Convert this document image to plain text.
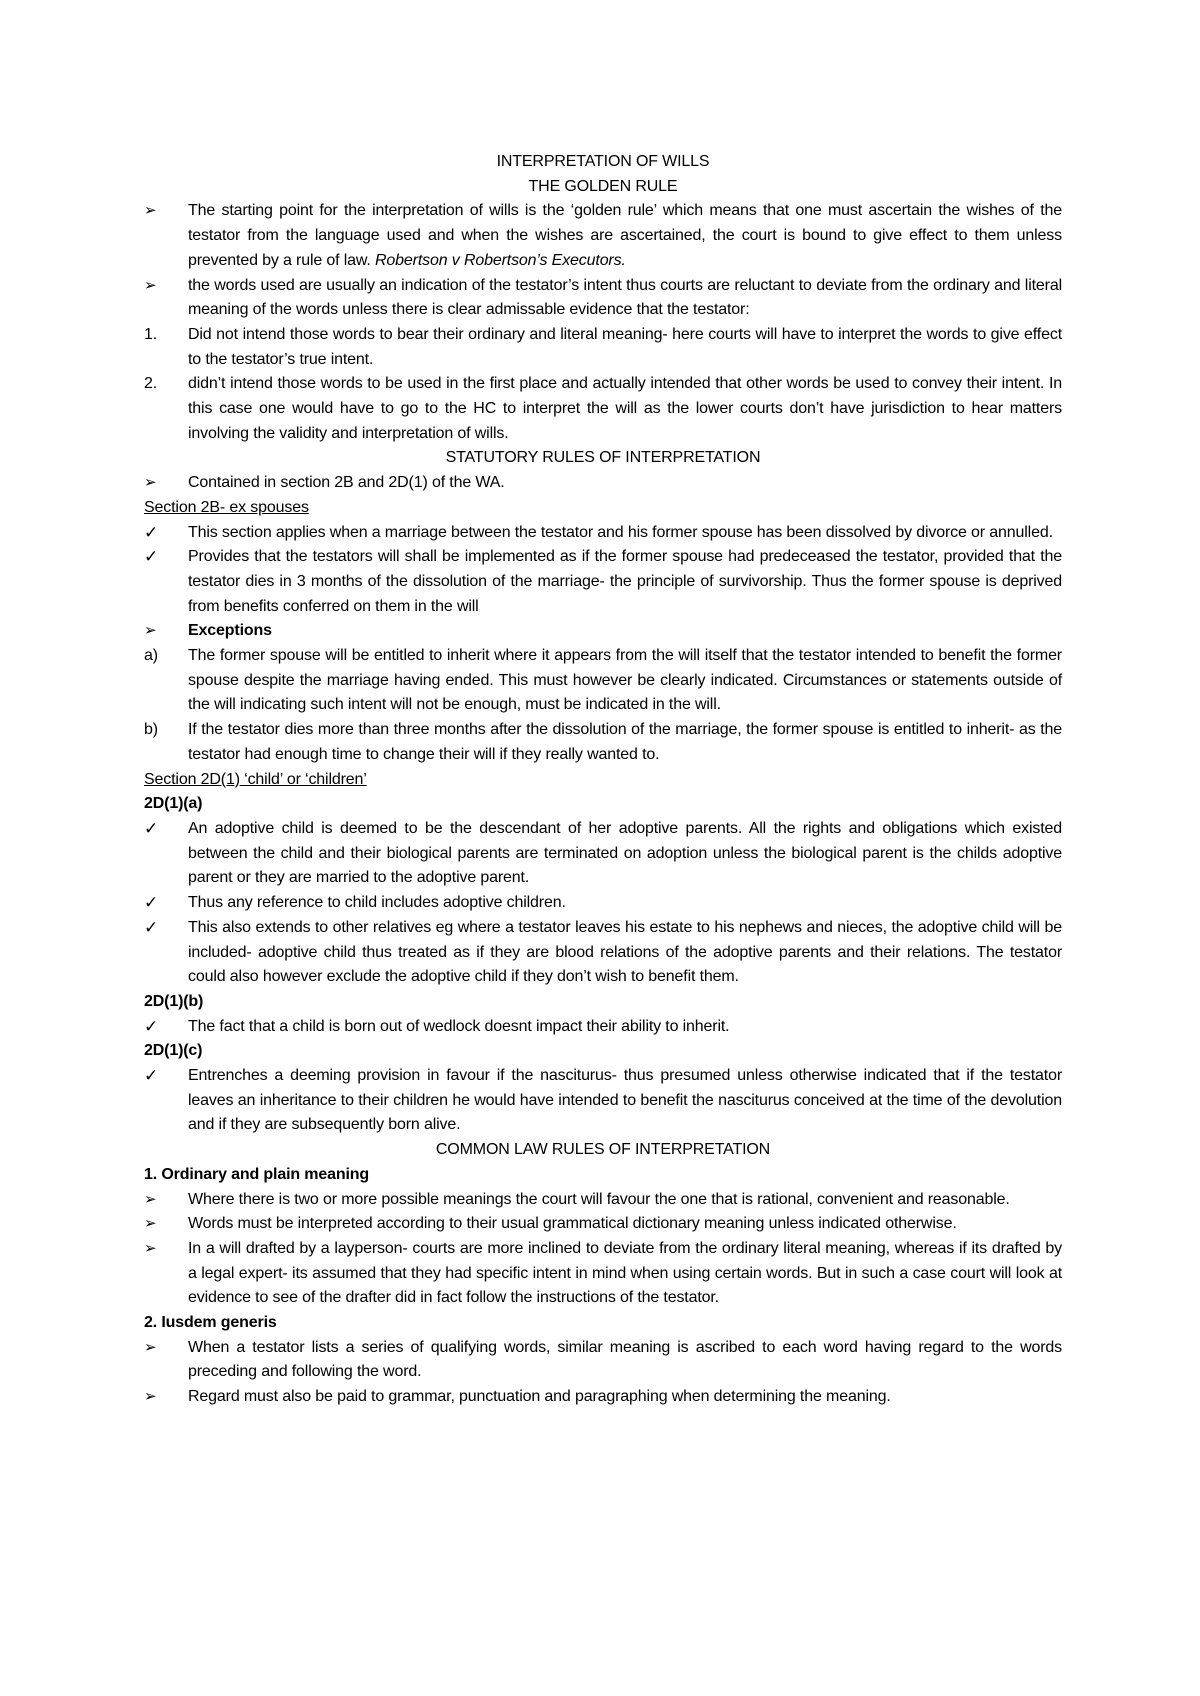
INTERPRETATION OF WILLS
THE GOLDEN RULE
➢	The starting point for the interpretation of wills is the ‘golden rule’ which means that one must ascertain the wishes of the testator from the language used and when the wishes are ascertained, the court is bound to give effect to them unless prevented by a rule of law. Robertson v Robertson’s Executors.
➢	the words used are usually an indication of the testator’s intent thus courts are reluctant to deviate from the ordinary and literal meaning of the words unless there is clear admissable evidence that the testator:
1.	Did not intend those words to bear their ordinary and literal meaning- here courts will have to interpret the words to give effect to the testator’s true intent.
2.	didn’t intend those words to be used in the first place and actually intended that other words be used to convey their intent. In this case one would have to go to the HC to interpret the will as the lower courts don’t have jurisdiction to hear matters involving the validity and interpretation of wills.
STATUTORY RULES OF INTERPRETATION
➢	Contained in section 2B and 2D(1) of the WA.
Section 2B- ex spouses
✓	This section applies when a marriage between the testator and his former spouse has been dissolved by divorce or annulled.
✓	Provides that the testators will shall be implemented as if the former spouse had predeceased the testator, provided that the testator dies in 3 months of the dissolution of the marriage- the principle of survivorship. Thus the former spouse is deprived from benefits conferred on them in the will
➢	Exceptions
a)	The former spouse will be entitled to inherit where it appears from the will itself that the testator intended to benefit the former spouse despite the marriage having ended. This must however be clearly indicated. Circumstances or statements outside of the will indicating such intent will not be enough, must be indicated in the will.
b)	If the testator dies more than three months after the dissolution of the marriage, the former spouse is entitled to inherit- as the testator had enough time to change their will if they really wanted to.
Section 2D(1) ‘child’ or ‘children’
2D(1)(a)
✓	An adoptive child is deemed to be the descendant of her adoptive parents. All the rights and obligations which existed between the child and their biological parents are terminated on adoption unless the biological parent is the childs adoptive parent or they are married to the adoptive parent.
✓	Thus any reference to child includes adoptive children.
✓	This also extends to other relatives eg where a testator leaves his estate to his nephews and nieces, the adoptive child will be included- adoptive child thus treated as if they are blood relations of the adoptive parents and their relations. The testator could also however exclude the adoptive child if they don’t wish to benefit them.
2D(1)(b)
✓	The fact that a child is born out of wedlock doesnt impact their ability to inherit.
2D(1)(c)
✓	Entrenches a deeming provision in favour if the nasciturus- thus presumed unless otherwise indicated that if the testator leaves an inheritance to their children he would have intended to benefit the nasciturus conceived at the time of the devolution and if they are subsequently born alive.
COMMON LAW RULES OF INTERPRETATION
1. Ordinary and plain meaning
➢	Where there is two or more possible meanings the court will favour the one that is rational, convenient and reasonable.
➢	Words must be interpreted according to their usual grammatical dictionary meaning unless indicated otherwise.
➢	In a will drafted by a layperson- courts are more inclined to deviate from the ordinary literal meaning, whereas if its drafted by a legal expert- its assumed that they had specific intent in mind when using certain words. But in such a case court will look at evidence to see of the drafter did in fact follow the instructions of the testator.
2. Iusdem generis
➢	When a testator lists a series of qualifying words, similar meaning is ascribed to each word having regard to the words preceding and following the word.
➢	Regard must also be paid to grammar, punctuation and paragraphing when determining the meaning.
